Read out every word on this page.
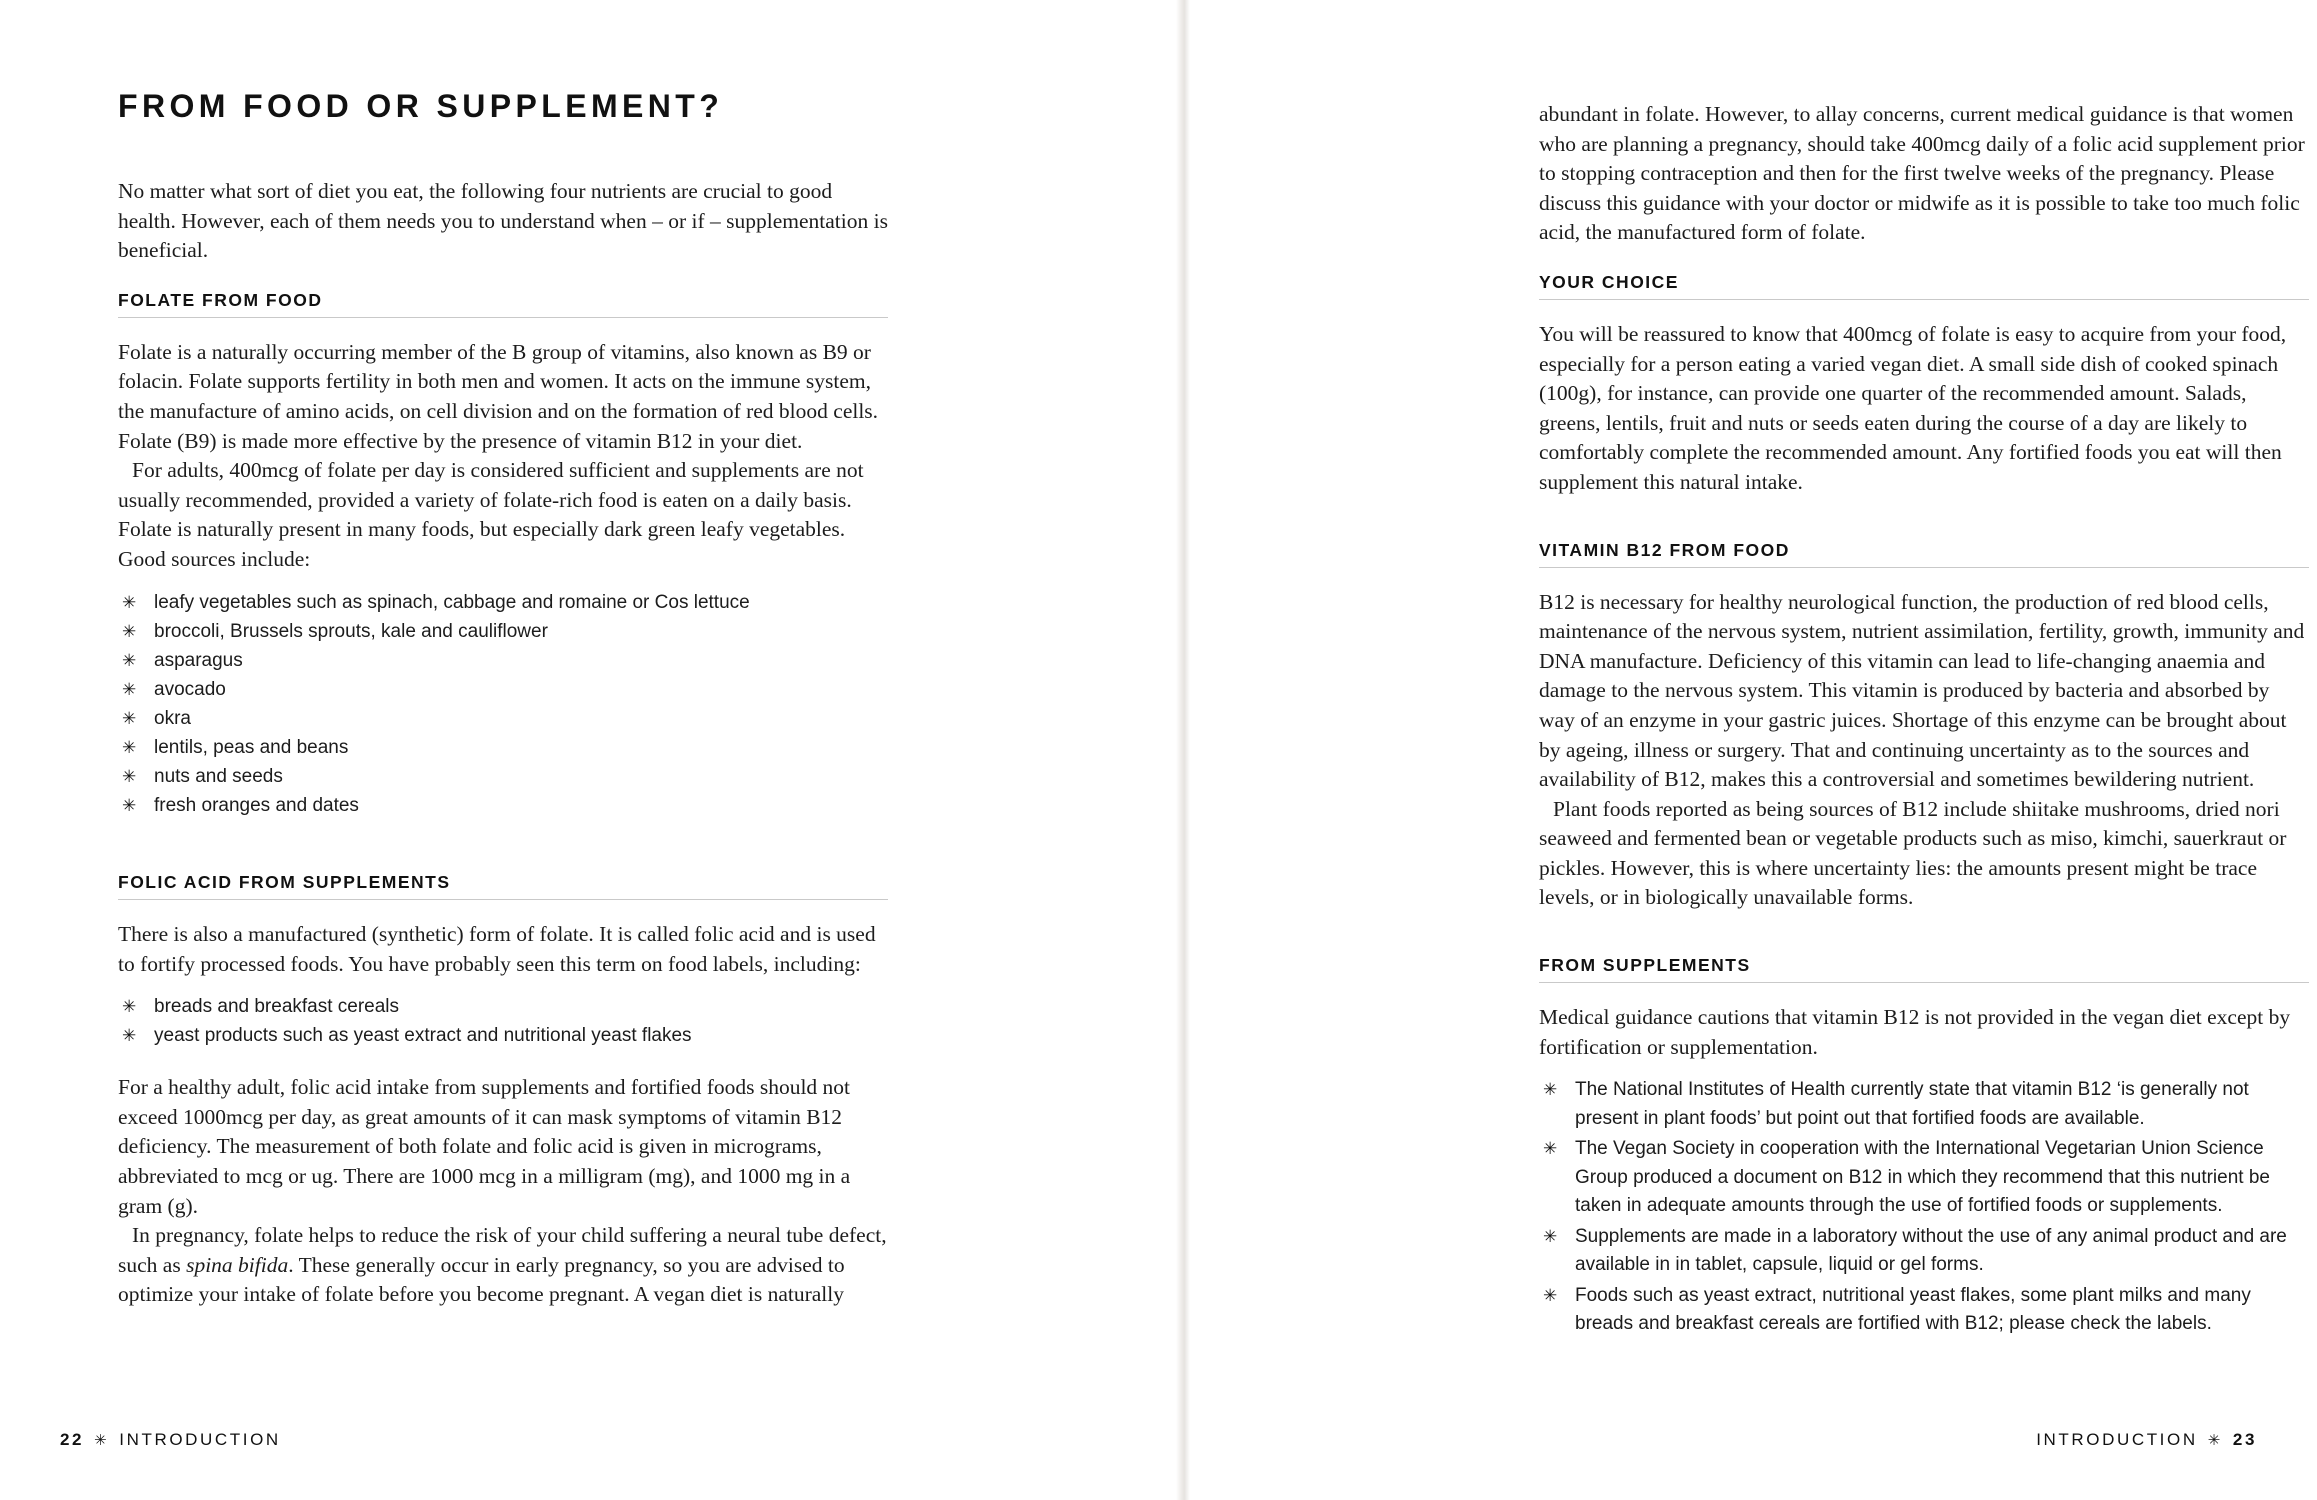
FROM FOOD OR SUPPLEMENT?

No matter what sort of diet you eat, the following four nutrients are crucial to good health. However, each of them needs you to understand when – or if – supplementation is beneficial.

FOLATE FROM FOOD

Folate is a naturally occurring member of the B group of vitamins, also known as B9 or folacin. Folate supports fertility in both men and women. It acts on the immune system, the manufacture of amino acids, on cell division and on the formation of red blood cells. Folate (B9) is made more effective by the presence of vitamin B12 in your diet.

For adults, 400mcg of folate per day is considered sufficient and supplements are not usually recommended, provided a variety of folate-rich food is eaten on a daily basis. Folate is naturally present in many foods, but especially dark green leafy vegetables. Good sources include:

✳ leafy vegetables such as spinach, cabbage and romaine or Cos lettuce
✳ broccoli, Brussels sprouts, kale and cauliflower
✳ asparagus
✳ avocado
✳ okra
✳ lentils, peas and beans
✳ nuts and seeds
✳ fresh oranges and dates
FOLIC ACID FROM SUPPLEMENTS

There is also a manufactured (synthetic) form of folate. It is called folic acid and is used to fortify processed foods. You have probably seen this term on food labels, including:

✳ breads and breakfast cereals
✳ yeast products such as yeast extract and nutritional yeast flakes

For a healthy adult, folic acid intake from supplements and fortified foods should not exceed 1000mcg per day, as great amounts of it can mask symptoms of vitamin B12 deficiency. The measurement of both folate and folic acid is given in micrograms, abbreviated to mcg or ug. There are 1000 mcg in a milligram (mg), and 1000 mg in a gram (g).

In pregnancy, folate helps to reduce the risk of your child suffering a neural tube defect, such as spina bifida. These generally occur in early pregnancy, so you are advised to optimize your intake of folate before you become pregnant. A vegan diet is naturally

22 ✳ INTRODUCTION

abundant in folate. However, to allay concerns, current medical guidance is that women who are planning a pregnancy, should take 400mcg daily of a folic acid supplement prior to stopping contraception and then for the first twelve weeks of the pregnancy. Please discuss this guidance with your doctor or midwife as it is possible to take too much folic acid, the manufactured form of folate.

YOUR CHOICE

You will be reassured to know that 400mcg of folate is easy to acquire from your food, especially for a person eating a varied vegan diet. A small side dish of cooked spinach (100g), for instance, can provide one quarter of the recommended amount. Salads, greens, lentils, fruit and nuts or seeds eaten during the course of a day are likely to comfortably complete the recommended amount. Any fortified foods you eat will then supplement this natural intake.

VITAMIN B12 FROM FOOD

B12 is necessary for healthy neurological function, the production of red blood cells, maintenance of the nervous system, nutrient assimilation, fertility, growth, immunity and DNA manufacture. Deficiency of this vitamin can lead to life-changing anaemia and damage to the nervous system. This vitamin is produced by bacteria and absorbed by way of an enzyme in your gastric juices. Shortage of this enzyme can be brought about by ageing, illness or surgery. That and continuing uncertainty as to the sources and availability of B12, makes this a controversial and sometimes bewildering nutrient.

Plant foods reported as being sources of B12 include shiitake mushrooms, dried nori seaweed and fermented bean or vegetable products such as miso, kimchi, sauerkraut or pickles. However, this is where uncertainty lies: the amounts present might be trace levels, or in biologically unavailable forms.

FROM SUPPLEMENTS

Medical guidance cautions that vitamin B12 is not provided in the vegan diet except by fortification or supplementation.

✳ The National Institutes of Health currently state that vitamin B12 ‘is generally not present in plant foods’ but point out that fortified foods are available.
✳ The Vegan Society in cooperation with the International Vegetarian Union Science Group produced a document on B12 in which they recommend that this nutrient be taken in adequate amounts through the use of fortified foods or supplements.
✳ Supplements are made in a laboratory without the use of any animal product and are available in in tablet, capsule, liquid or gel forms.
✳ Foods such as yeast extract, nutritional yeast flakes, some plant milks and many breads and breakfast cereals are fortified with B12; please check the labels.
INTRODUCTION ✳ 23
